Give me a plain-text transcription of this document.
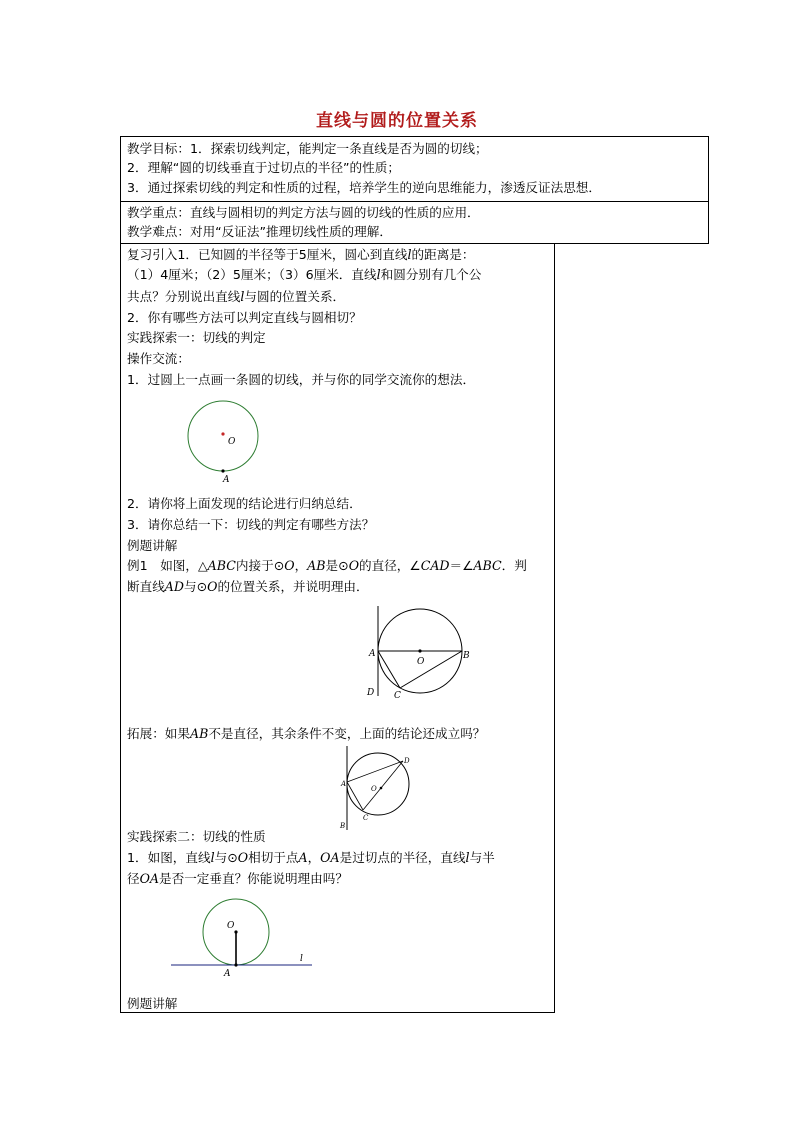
直线与圆的位置关系
教学目标：1．探索切线判定，能判定一条直线是否为圆的切线；
2．理解“圆的切线垂直于过切点的半径”的性质；
3．通过探索切线的判定和性质的过程，培养学生的逆向思维能力，渗透反证法思想．
教学重点：直线与圆相切的判定方法与圆的切线的性质的应用．
教学难点：对用“反证法”推理切线性质的理解．
复习引入1．已知圆的半径等于5厘米，圆心到直线l的距离是：
（1）4厘米；（2）5厘米；（3）6厘米．直线l和圆分别有几个公
共点？分别说出直线l与圆的位置关系．
2．你有哪些方法可以判定直线与圆相切？
实践探索一：切线的判定
操作交流：
1．过圆上一点画一条圆的切线，并与你的同学交流你的想法．
O
A
2．请你将上面发现的结论进行归纳总结．
3．请你总结一下：切线的判定有哪些方法？
例题讲解
例1　如图，△ABC内接于⊙O，AB是⊙O的直径，∠CAD＝∠ABC．判
断直线AD与⊙O的位置关系，并说明理由．
A	B
O
C
D
拓展：如果AB不是直径，其余条件不变，上面的结论还成立吗？
A
D
O
C
B
实践探索二：切线的性质
1．如图，直线l与⊙O相切于点A，OA是过切点的半径，直线l与半
径OA是否一定垂直？你能说明理由吗？
O
A
l
例题讲解
